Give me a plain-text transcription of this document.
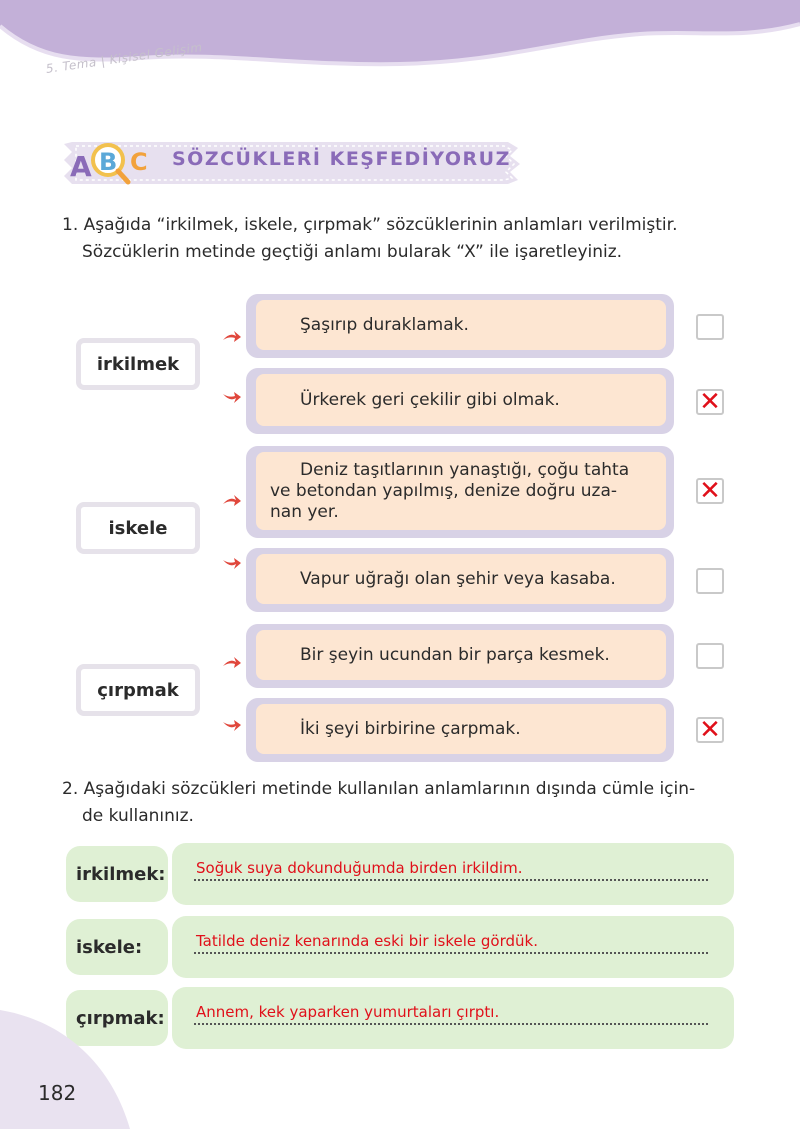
5. Tema | Kişisel Gelişim
A B C SÖZCÜKLERİ KEŞFEDİYORUZ
1. Aşağıda “irkilmek, iskele, çırpmak” sözcüklerinin anlamları verilmiştir.
Sözcüklerin metinde geçtiği anlamı bularak “X” ile işaretleyiniz.
irkilmek
iskele
çırpmak
Şaşırıp duraklamak.
Ürkerek geri çekilir gibi olmak.
Deniz taşıtlarının yanaştığı, çoğu tahta
ve betondan yapılmış, denize doğru uza-
nan yer.
Vapur uğrağı olan şehir veya kasaba.
Bir şeyin ucundan bir parça kesmek.
İki şeyi birbirine çarpmak.
✕
✕
✕
2. Aşağıdaki sözcükleri metinde kullanılan anlamlarının dışında cümle için-
de kullanınız.
irkilmek: Soğuk suya dokunduğumda birden irkildim.
iskele:	Tatilde deniz kenarında eski bir iskele gördük.
çırpmak: Annem, kek yaparken yumurtaları çırptı.
182
